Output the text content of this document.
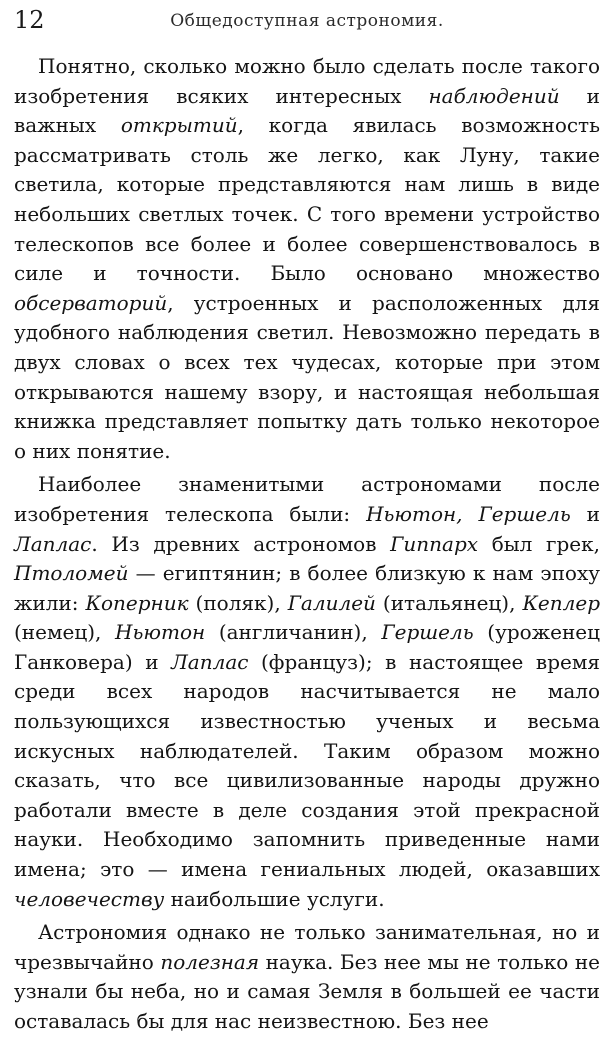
12	Общедоступная астрономия.

Понятно, сколько можно было сделать после такого изобретения всяких интересных наблюдений и важных открытий, когда явилась возможность рассматривать столь же легко, как Луну, такие светила, которые представляются нам лишь в виде небольших светлых точек. С того времени устройство телескопов все более и более совершенствовалось в силе и точности. Было основано множество обсерваторий, устроенных и расположенных для удобного наблюдения светил. Невозможно передать в двух словах о всех тех чудесах, которые при этом открываются нашему взору, и настоящая небольшая книжка представляет попытку дать только некоторое о них понятие.

Наиболее знаменитыми астрономами после изобретения телескопа были: Ньютон, Гершель и Лаплас. Из древних астрономов Гиппарх был грек, Птоломей — египтянин; в более близкую к нам эпоху жили: Коперник (поляк), Галилей (итальянец), Кеплер (немец), Ньютон (англичанин), Гершель (уроженец Ганковера) и Лаплас (француз); в настоящее время среди всех народов насчитывается не мало пользующихся известностью ученых и весьма искусных наблюдателей. Таким образом можно сказать, что все цивилизованные народы дружно работали вместе в деле создания этой прекрасной науки. Необходимо запомнить приведенные нами имена; это — имена гениальных людей, оказавших человечеству наибольшие услуги.

Астрономия однако не только занимательная, но и чрезвычайно полезная наука. Без нее мы не только не узнали бы неба, но и самая Земля в большей ее части оставалась бы для нас неизвестною. Без нее
